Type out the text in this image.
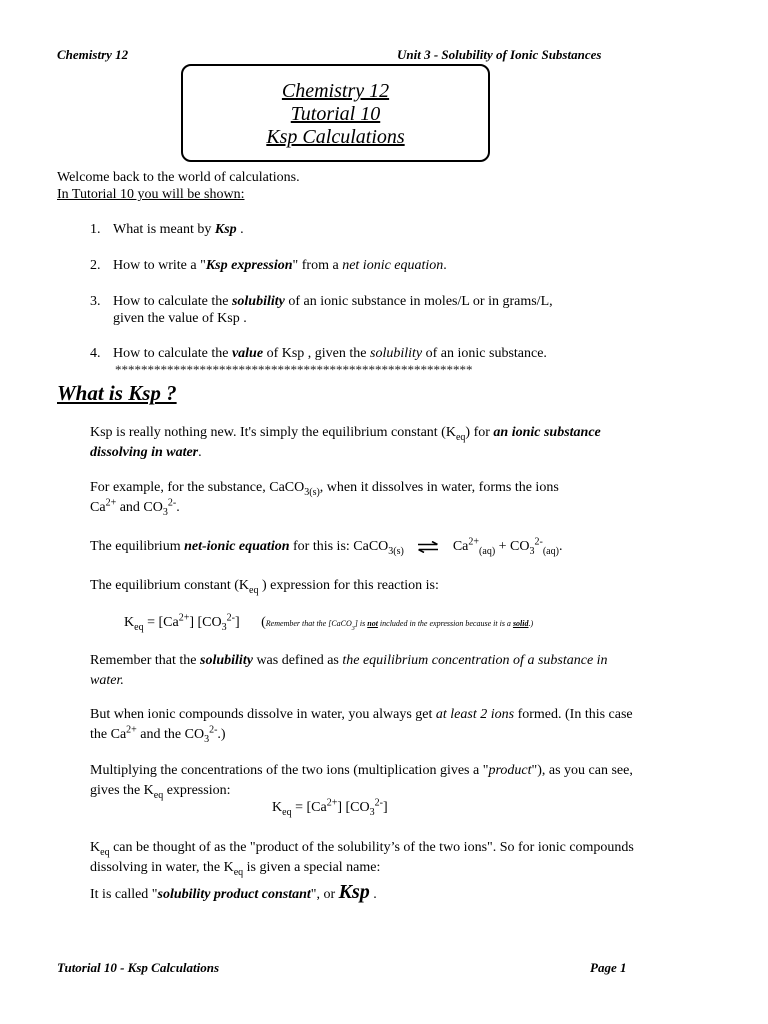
Chemistry 12	Unit 3 - Solubility of Ionic Substances
Chemistry 12
Tutorial 10
Ksp Calculations
Welcome back to the world of calculations.
In Tutorial 10 you will be shown:
1. What is meant by Ksp .
2. How to write a "Ksp expression" from a net ionic equation.
3. How to calculate the solubility of an ionic substance in moles/L or in grams/L,
given the value of Ksp .
4. How to calculate the value of Ksp , given the solubility of an ionic substance.
*******************************************************
What is Ksp ?
Ksp is really nothing new. It's simply the equilibrium constant $(K_{eq})$ for an ionic substance dissolving in water.
For example, for the substance, CaCO$_{3(s)}$, when it dissolves in water, forms the ions
$Ca^{2+}$ and $CO_3^{2-}$.
The equilibrium net-ionic equation for this is: CaCO$_{3(s)}$ ⇌ $Ca^{2+}_{(aq)} + CO_3^{2-}_{(aq)}$.
The equilibrium constant ($K_{eq}$ ) expression for this reaction is:
$K_{eq} = [Ca^{2+}]$ $[CO_3^{2-}]$ (Remember that the [CaCO$_3$] is not included in the expression because it is a solid.)
Remember that the solubility was defined as the equilibrium concentration of a substance in water.
But when ionic compounds dissolve in water, you always get at least 2 ions formed. (In this case the $Ca^{2+}$ and the $CO_3^{2-}$.)
Multiplying the concentrations of the two ions (multiplication gives a "product"), as you can see, gives the $K_{eq}$ expression:
$K_{eq} = [Ca^{2+}]$ $[CO_3^{2-}]$
$K_{eq}$ can be thought of as the "product of the solubility’s of the two ions". So for ionic compounds dissolving in water, the $K_{eq}$ is given a special name:
It is called "solubility product constant", or Ksp .
Tutorial 10 - Ksp Calculations	Page 1
